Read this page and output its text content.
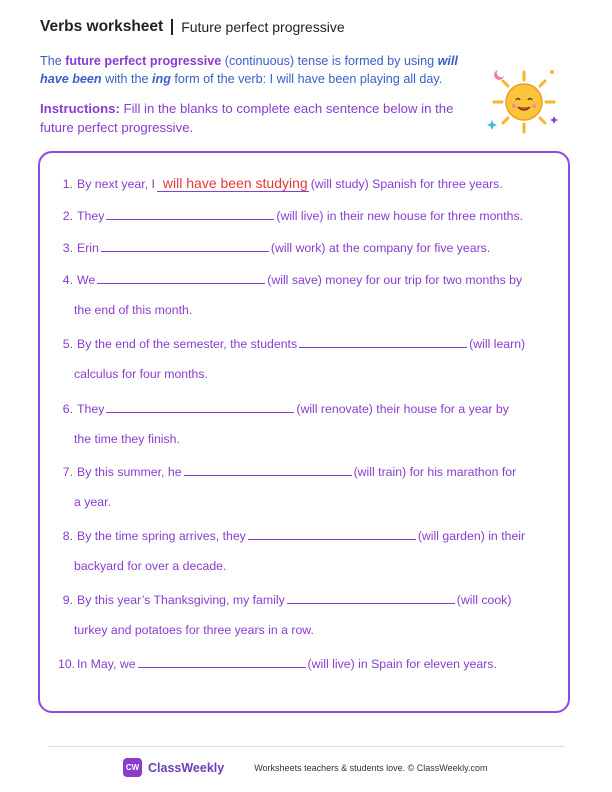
Verbs worksheet Future perfect progressive
The future perfect progressive (continuous) tense is formed by using will have been with the ing form of the verb: I will have been playing all day.
Instructions: Fill in the blanks to complete each sentence below in the future perfect progressive.
1. By next year, I will have been studying (will study) Spanish for three years.
2. They	(will live) in their new house for three months.
3. Erin	(will work) at the company for five years.
4. We	(will save) money for our trip for two months by
the end of this month.
5. By the end of the semester, the students	(will learn)
calculus for four months.
6. They	(will renovate) their house for a year by
the time they finish.
7. By this summer, he	(will train) for his marathon for
a year.
8. By the time spring arrives, they	(will garden) in their
backyard for over a decade.
9. By this year’s Thanksgiving, my family	(will cook)
turkey and potatoes for three years in a row.
10. In May, we	(will live) in Spain for eleven years.
CW ClassWeekly	Worksheets teachers & students love. © ClassWeekly.com
